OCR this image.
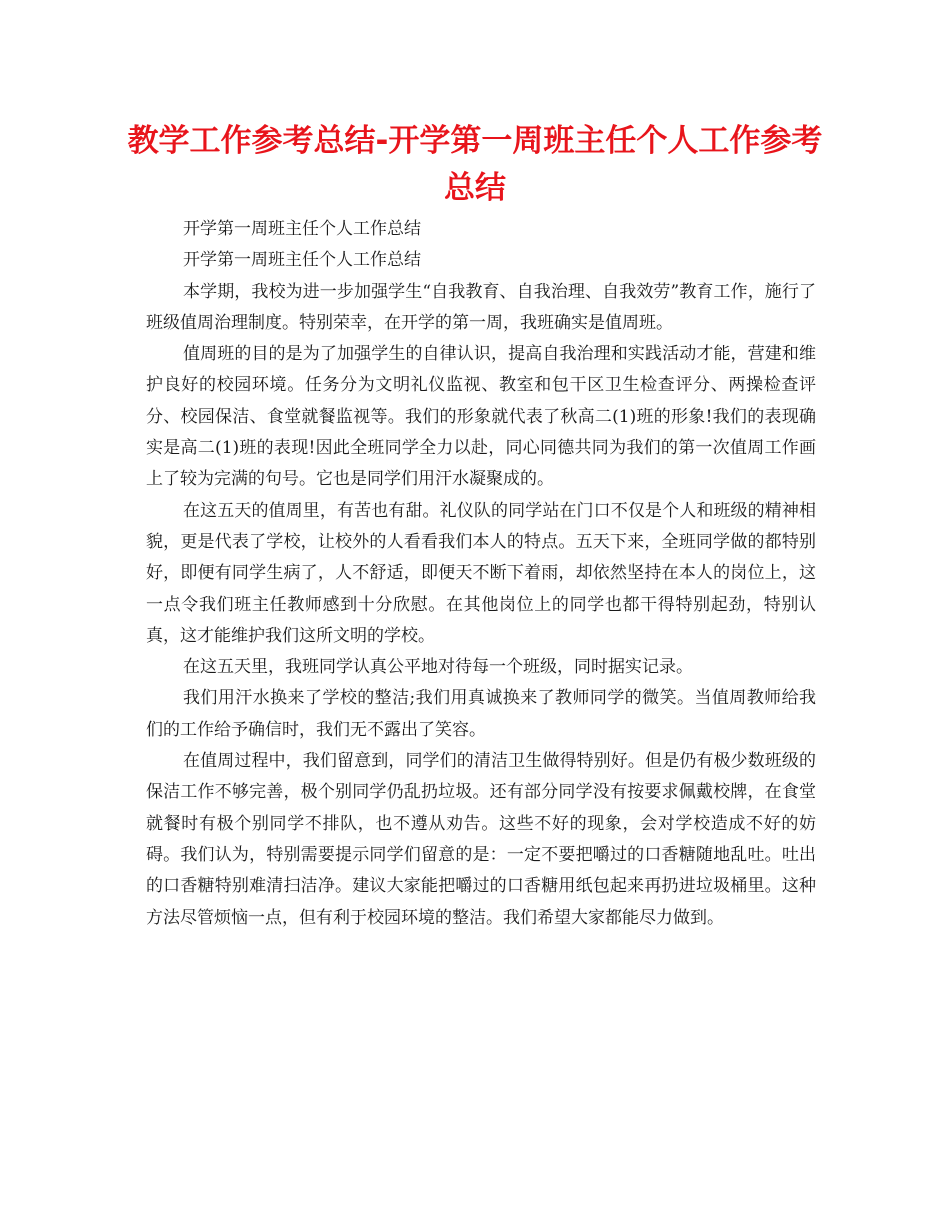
教学工作参考总结-开学第一周班主任个人工作参考总结

开学第一周班主任个人工作总结

开学第一周班主任个人工作总结

本学期，我校为进一步加强学生“自我教育、自我治理、自我效劳”教育工作，施行了班级值周治理制度。特别荣幸，在开学的第一周，我班确实是值周班。

值周班的目的是为了加强学生的自律认识，提高自我治理和实践活动才能，营建和维护良好的校园环境。任务分为文明礼仪监视、教室和包干区卫生检查评分、两操检查评分、校园保洁、食堂就餐监视等。我们的形象就代表了秋高二(1)班的形象!我们的表现确实是高二(1)班的表现!因此全班同学全力以赴，同心同德共同为我们的第一次值周工作画上了较为完满的句号。它也是同学们用汗水凝聚成的。

在这五天的值周里，有苦也有甜。礼仪队的同学站在门口不仅是个人和班级的精神相貌，更是代表了学校，让校外的人看看我们本人的特点。五天下来，全班同学做的都特别好，即便有同学生病了，人不舒适，即便天不断下着雨，却依然坚持在本人的岗位上，这一点令我们班主任教师感到十分欣慰。在其他岗位上的同学也都干得特别起劲，特别认真，这才能维护我们这所文明的学校。

在这五天里，我班同学认真公平地对待每一个班级，同时据实记录。

我们用汗水换来了学校的整洁;我们用真诚换来了教师同学的微笑。当值周教师给我们的工作给予确信时，我们无不露出了笑容。

在值周过程中，我们留意到，同学们的清洁卫生做得特别好。但是仍有极少数班级的保洁工作不够完善，极个别同学仍乱扔垃圾。还有部分同学没有按要求佩戴校牌，在食堂就餐时有极个别同学不排队，也不遵从劝告。这些不好的现象，会对学校造成不好的妨碍。我们认为，特别需要提示同学们留意的是：一定不要把嚼过的口香糖随地乱吐。吐出的口香糖特别难清扫洁净。建议大家能把嚼过的口香糖用纸包起来再扔进垃圾桶里。这种方法尽管烦恼一点，但有利于校园环境的整洁。我们希望大家都能尽力做到。
